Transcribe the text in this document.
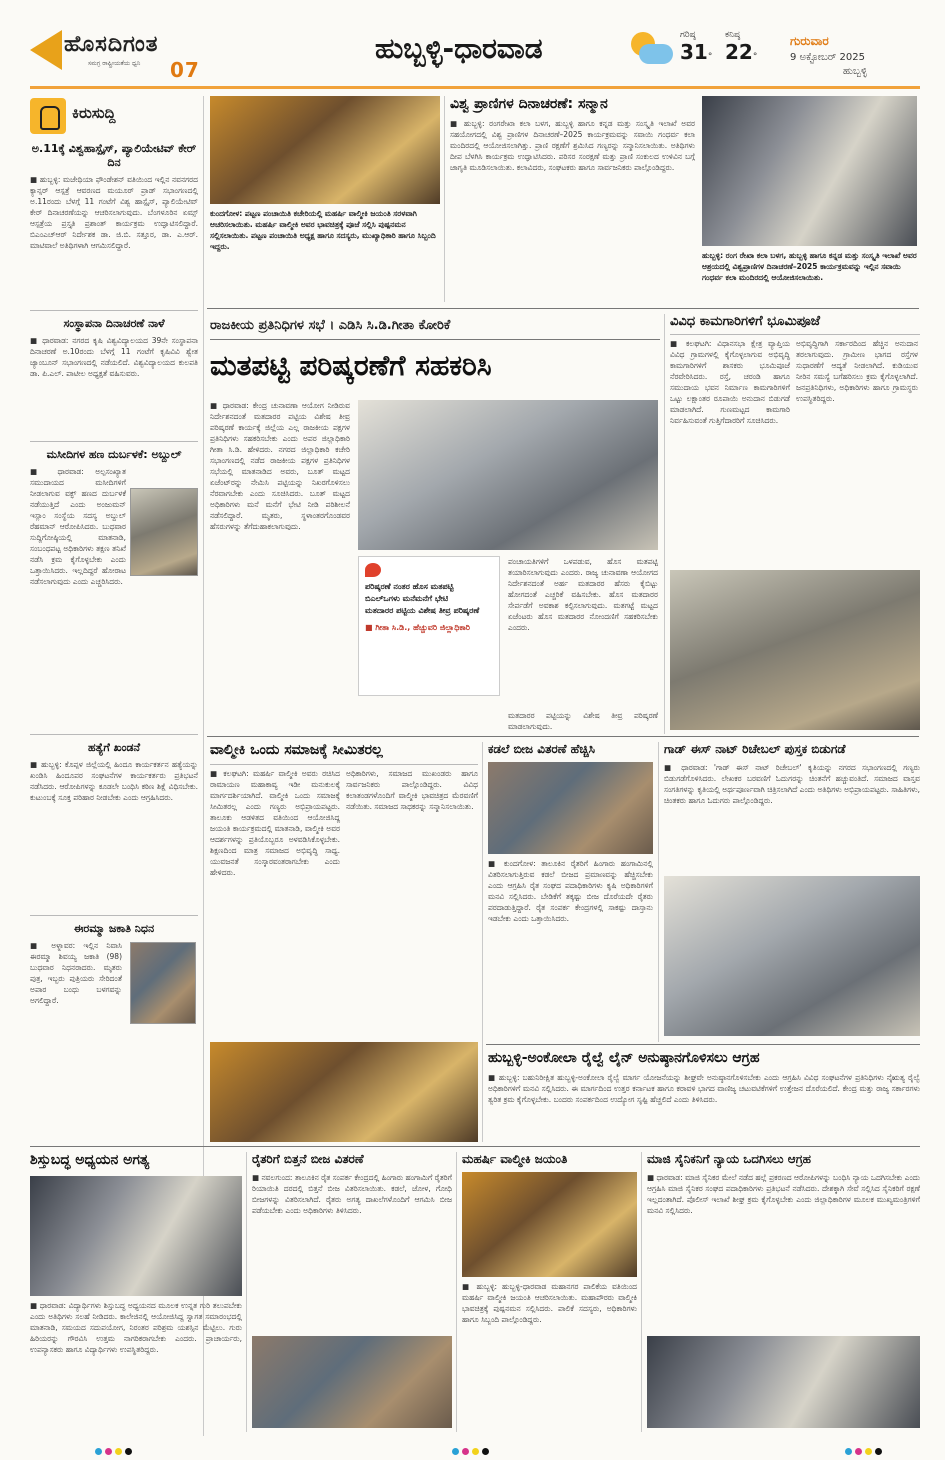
ಹೊಸದಿಗಂತ
ಸಮಗ್ರ ರಾಷ್ಟ್ರೀಯತೆಯ ಧ್ವನಿ 07
ಹುಬ್ಬಳ್ಳಿ-ಧಾರವಾಡ	ಗರಿಷ್ಠ
31°
ಕನಿಷ್ಠ
22°
ಗುರುವಾರ
9 ಅಕ್ಟೋಬರ್ 2025
ಹುಬ್ಬಳ್ಳಿ
ಕಿರುಸುದ್ದಿ
ಅ.11ಕ್ಕೆ ವಿಶ್ವಹಾಸ್ಪೈಸ್, ಪ್ಯಾಲಿಯೇಟಿವ್ ಕೇರ್ ದಿನ
■ ಹುಬ್ಬಳ್ಳಿ: ಮಜೇಥಿಯಾ ಫೌಂಡೇಶನ್ ವತಿಯಿಂದ ಇಲ್ಲಿನ ನವನಗರದ ಕ್ಯಾನ್ಸರ್ ಆಸ್ಪತ್ರೆ ಆವರಣದ ಮಯೂರ್ ಪ್ರಾಡ್ ಸಭಾಂಗಣದಲ್ಲಿ ಅ.11ರಂದು ಬೆಳಗ್ಗೆ 11 ಗಂಟೆಗೆ ವಿಶ್ವ ಹಾಸ್ಪೈಸ್, ಪ್ಯಾಲಿಯೇಟಿವ್ ಕೇರ್ ದಿನಾಚರಣೆಯನ್ನು ಆಚರಿಸಲಾಗುವುದು. ಬೆಂಗಳೂರಿನ ಏಮ್ಸ್ ಆಸ್ಪತ್ರೆಯ ಪ್ರಸ್ತೃತಿ ಪ್ರಶಾಂತ್ ಕಾರ್ಯಕ್ರಮ ಉದ್ಘಾಟಿಸಲಿದ್ದಾರೆ. ಬಿಎಂಎಚ್‌ಆರ್ ನಿರ್ದೇಶಕ ಡಾ. ಜಿ.ಬಿ. ಸತ್ತೂರ, ಡಾ. ಎ.ಆರ್. ಮಾಟಿವಾಲೆ ಅತಿಥಿಗಳಾಗಿ ಆಗಮಿಸಲಿದ್ದಾರೆ.
ಸಂಸ್ಥಾಪನಾ ದಿನಾಚರಣೆ ನಾಳೆ
■ ಧಾರವಾಡ: ನಗರದ ಕೃಷಿ ವಿಶ್ವವಿದ್ಯಾಲಯದ 39ನೇ ಸಂಸ್ಥಾಪನಾ ದಿನಾಚರಣೆ ಅ.10ರಂದು ಬೆಳಗ್ಗೆ 11 ಗಂಟೆಗೆ ಕೃಷಿವಿವಿ ಶ್ವೇತ ಜ್ಯಾಂಬೂನ್ ಸಭಾಂಗಣದಲ್ಲಿ ನಡೆಯಲಿದೆ. ವಿಶ್ವವಿದ್ಯಾಲಯದ ಕುಲಪತಿ ಡಾ. ಪಿ.ಎಲ್. ಪಾಟೀಲ ಅಧ್ಯಕ್ಷತೆ ವಹಿಸುವರು.
ಮಸೀದಿಗಳ ಹಣ ದುರ್ಬಳಕೆ: ಅಬ್ದುಲ್
■ ಧಾರವಾಡ: ಅಲ್ಪಸಂಖ್ಯಾತ ಸಮುದಾಯದ ಮಸೀದಿಗಳಿಗೆ ನೀಡಲಾಗುವ ವಕ್ಫ್ ಹಣದ ದುರ್ಬಳಕೆ ನಡೆಯುತ್ತಿದೆ ಎಂದು ಅಂಜುಮನ್ ಇಸ್ಲಾಂ ಸಂಸ್ಥೆಯ ಸದಸ್ಯ ಅಬ್ದುಲ್ ರೆಹಮಾನ್ ಆರೋಪಿಸಿದರು. ಬುಧವಾರ ಸುದ್ದಿಗೋಷ್ಠಿಯಲ್ಲಿ ಮಾತನಾಡಿ, ಸಂಬಂಧಪಟ್ಟ ಅಧಿಕಾರಿಗಳು ತಕ್ಷಣ ತನಿಖೆ ನಡೆಸಿ ಕ್ರಮ ಕೈಗೊಳ್ಳಬೇಕು ಎಂದು ಒತ್ತಾಯಿಸಿದರು. ಇಲ್ಲದಿದ್ದರೆ ಹೋರಾಟ ನಡೆಸಲಾಗುವುದು ಎಂದು ಎಚ್ಚರಿಸಿದರು.
ಹತ್ಯೆಗೆ ಖಂಡನೆ
■ ಹುಬ್ಬಳ್ಳಿ: ಕೊಪ್ಪಳ ಜಿಲ್ಲೆಯಲ್ಲಿ ಹಿಂದೂ ಕಾರ್ಯಕರ್ತನ ಹತ್ಯೆಯನ್ನು ಖಂಡಿಸಿ ಹಿಂದೂಪರ ಸಂಘಟನೆಗಳ ಕಾರ್ಯಕರ್ತರು ಪ್ರತಿಭಟನೆ ನಡೆಸಿದರು. ಆರೋಪಿಗಳನ್ನು ಕೂಡಲೇ ಬಂಧಿಸಿ ಕಠಿಣ ಶಿಕ್ಷೆ ವಿಧಿಸಬೇಕು. ಕುಟುಂಬಕ್ಕೆ ಸೂಕ್ತ ಪರಿಹಾರ ನೀಡಬೇಕು ಎಂದು ಆಗ್ರಹಿಸಿದರು.
ಈರಮ್ಮಾ ಜಕಾತಿ ನಿಧನ
■ ಅಳ್ನಾವರ: ಇಲ್ಲಿನ ನಿವಾಸಿ ಈರಮ್ಮಾ ಶಿವಯ್ಯ ಜಕಾತಿ (98) ಬುಧವಾರ ನಿಧನರಾದರು. ಮೃತರು ಪುತ್ರ, ಇಬ್ಬರು ಪುತ್ರಿಯರು ಸೇರಿದಂತೆ ಅಪಾರ ಬಂಧು ಬಳಗವನ್ನು ಅಗಲಿದ್ದಾರೆ.
ಕುಂದಗೋಳ: ಪಟ್ಟಣ ಪಂಚಾಯಿತಿ ಕಚೇರಿಯಲ್ಲಿ ಮಹರ್ಷಿ ವಾಲ್ಮೀಕಿ ಜಯಂತಿ ಸರಳವಾಗಿ ಆಚರಿಸಲಾಯಿತು. ಮಹರ್ಷಿ ವಾಲ್ಮೀಕಿ ಅವರ ಭಾವಚಿತ್ರಕ್ಕೆ ಪೂಜೆ ಸಲ್ಲಿಸಿ ಪುಷ್ಪನಮನ ಸಲ್ಲಿಸಲಾಯಿತು. ಪಟ್ಟಣ ಪಂಚಾಯಿತಿ ಅಧ್ಯಕ್ಷ ಹಾಗೂ ಸದಸ್ಯರು, ಮುಖ್ಯಾಧಿಕಾರಿ ಹಾಗೂ ಸಿಬ್ಬಂದಿ ಇದ್ದರು.
ವಿಶ್ವ ಪ್ರಾಣಿಗಳ ದಿನಾಚರಣೆ: ಸನ್ಮಾನ
■ ಹುಬ್ಬಳ್ಳಿ: ರಂಗರೇಖಾ ಕಲಾ ಬಳಗ, ಹುಬ್ಬಳ್ಳಿ ಹಾಗೂ ಕನ್ನಡ ಮತ್ತು ಸಂಸ್ಕೃತಿ ಇಲಾಖೆ ಅವರ ಸಹಯೋಗದಲ್ಲಿ ವಿಶ್ವ ಪ್ರಾಣಿಗಳ ದಿನಾಚರಣೆ–2025 ಕಾರ್ಯಕ್ರಮವನ್ನು ಸವಾಯಿ ಗಂಧರ್ವ ಕಲಾ ಮಂದಿರದಲ್ಲಿ ಆಯೋಜಿಸಲಾಗಿತ್ತು. ಪ್ರಾಣಿ ರಕ್ಷಣೆಗೆ ಶ್ರಮಿಸಿದ ಗಣ್ಯರನ್ನು ಸನ್ಮಾನಿಸಲಾಯಿತು. ಅತಿಥಿಗಳು ದೀಪ ಬೆಳಗಿಸಿ ಕಾರ್ಯಕ್ರಮ ಉದ್ಘಾಟಿಸಿದರು. ಪರಿಸರ ಸಂರಕ್ಷಣೆ ಮತ್ತು ಪ್ರಾಣಿ ಸಂಕುಲದ ಉಳಿವಿನ ಬಗ್ಗೆ ಜಾಗೃತಿ ಮೂಡಿಸಲಾಯಿತು. ಕಲಾವಿದರು, ಸಂಘಟಕರು ಹಾಗೂ ಸಾರ್ವಜನಿಕರು ಪಾಲ್ಗೊಂಡಿದ್ದರು.
ಹುಬ್ಬಳ್ಳಿ: ರಂಗ ರೇಖಾ ಕಲಾ ಬಳಗ, ಹುಬ್ಬಳ್ಳಿ ಹಾಗೂ ಕನ್ನಡ ಮತ್ತು ಸಂಸ್ಕೃತಿ ಇಲಾಖೆ ಅವರ ಆಶ್ರಯದಲ್ಲಿ ವಿಶ್ವಪ್ರಾಣಿಗಳ ದಿನಾಚರಣೆ–2025 ಕಾರ್ಯಕ್ರಮವನ್ನು ಇಲ್ಲಿನ ಸವಾಯಿ ಗಂಧರ್ವ ಕಲಾ ಮಂದಿರದಲ್ಲಿ ಆಯೋಜಿಸಲಾಯಿತು.
ರಾಜಕೀಯ ಪ್ರತಿನಿಧಿಗಳ ಸಭೆ । ಎಡಿಸಿ ಸಿ.ಡಿ.ಗೀತಾ ಕೋರಿಕೆ
ಮತಪಟ್ಟಿ ಪರಿಷ್ಕರಣೆಗೆ ಸಹಕರಿಸಿ
■ ಧಾರವಾಡ: ಕೇಂದ್ರ ಚುನಾವಣಾ ಆಯೋಗ ನೀಡಿರುವ ನಿರ್ದೇಶನದಂತೆ ಮತದಾರರ ಪಟ್ಟಿಯ ವಿಶೇಷ ತೀವ್ರ ಪರಿಷ್ಕರಣೆ ಕಾರ್ಯಕ್ಕೆ ಜಿಲ್ಲೆಯ ಎಲ್ಲ ರಾಜಕೀಯ ಪಕ್ಷಗಳ ಪ್ರತಿನಿಧಿಗಳು ಸಹಕರಿಸಬೇಕು ಎಂದು ಅಪರ ಜಿಲ್ಲಾಧಿಕಾರಿ ಗೀತಾ ಸಿ.ಡಿ. ಹೇಳಿದರು. ನಗರದ ಜಿಲ್ಲಾಧಿಕಾರಿ ಕಚೇರಿ ಸಭಾಂಗಣದಲ್ಲಿ ನಡೆದ ರಾಜಕೀಯ ಪಕ್ಷಗಳ ಪ್ರತಿನಿಧಿಗಳ ಸಭೆಯಲ್ಲಿ ಮಾತನಾಡಿದ ಅವರು, ಬೂತ್ ಮಟ್ಟದ ಏಜೆಂಟ್‌ರನ್ನು ನೇಮಿಸಿ ಪಟ್ಟಿಯನ್ನು ನಿಖರಗೊಳಿಸಲು ನೆರವಾಗಬೇಕು ಎಂದು ಸೂಚಿಸಿದರು. ಬೂತ್ ಮಟ್ಟದ ಅಧಿಕಾರಿಗಳು ಮನೆ ಮನೆಗೆ ಭೇಟಿ ನೀಡಿ ಪರಿಶೀಲನೆ ನಡೆಸಲಿದ್ದಾರೆ. ಮೃತರು, ಸ್ಥಳಾಂತರಗೊಂಡವರ ಹೆಸರುಗಳನ್ನು ತೆಗೆದುಹಾಕಲಾಗುವುದು.
ಪರಿಷ್ಕರಣೆ ನಂತರ ಹೊಸ ಮತಪಟ್ಟಿ
ಬಿಎಲ್‌ಒಗಳು ಮನೆಮನೆಗೆ ಭೇಟಿ
ಮತದಾರರ ಪಟ್ಟಿಯ ವಿಶೇಷ ತೀವ್ರ ಪರಿಷ್ಕರಣೆ
■ ಗೀತಾ ಸಿ.ಡಿ., ಹೆಚ್ಚುವರಿ ಜಿಲ್ಲಾಧಿಕಾರಿ
ಪಂಚಾಯತಿಗಳಿಗೆ ಒಳಪಡುವ, ಹೊಸ ಮತಪಟ್ಟಿ ತಯಾರಿಸಲಾಗುವುದು ಎಂದರು. ರಾಜ್ಯ ಚುನಾವಣಾ ಆಯೋಗದ ನಿರ್ದೇಶನದಂತೆ ಅರ್ಹ ಮತದಾರರ ಹೆಸರು ಕೈಬಿಟ್ಟು ಹೋಗದಂತೆ ಎಚ್ಚರಿಕೆ ವಹಿಸಬೇಕು. ಹೊಸ ಮತದಾರರ ಸೇರ್ಪಡೆಗೆ ಅವಕಾಶ ಕಲ್ಪಿಸಲಾಗುವುದು. ಮತಗಟ್ಟೆ ಮಟ್ಟದ ಏಜೆಂಟರು ಹೊಸ ಮತದಾರರ ನೋಂದಣಿಗೆ ಸಹಕರಿಸಬೇಕು ಎಂದರು.
ಮತದಾರರ ಪಟ್ಟಿಯನ್ನು ವಿಶೇಷ ತೀವ್ರ ಪರಿಷ್ಕರಣೆ ಮಾಡಲಾಗುವುದು.
ವಿವಿಧ ಕಾಮಗಾರಿಗಳಿಗೆ ಭೂಮಿಪೂಜೆ
■ ಕಲಘಟಗಿ: ವಿಧಾನಸಭಾ ಕ್ಷೇತ್ರ ವ್ಯಾಪ್ತಿಯ ವಿವಿಧ ಗ್ರಾಮಗಳಲ್ಲಿ ಕೈಗೊಳ್ಳಲಾಗುವ ಅಭಿವೃದ್ಧಿ ಕಾಮಗಾರಿಗಳಿಗೆ ಶಾಸಕರು ಭೂಮಿಪೂಜೆ ನೆರವೇರಿಸಿದರು. ರಸ್ತೆ, ಚರಂಡಿ ಹಾಗೂ ಸಮುದಾಯ ಭವನ ನಿರ್ಮಾಣ ಕಾಮಗಾರಿಗಳಿಗೆ ಒಟ್ಟು ಲಕ್ಷಾಂತರ ರೂಪಾಯಿ ಅನುದಾನ ಬಿಡುಗಡೆ ಮಾಡಲಾಗಿದೆ. ಗುಣಮಟ್ಟದ ಕಾಮಗಾರಿ ನಿರ್ವಹಿಸುವಂತೆ ಗುತ್ತಿಗೆದಾರರಿಗೆ ಸೂಚಿಸಿದರು.
ಅಭಿವೃದ್ಧಿಗಾಗಿ ಸರ್ಕಾರದಿಂದ ಹೆಚ್ಚಿನ ಅನುದಾನ ತರಲಾಗುವುದು. ಗ್ರಾಮೀಣ ಭಾಗದ ರಸ್ತೆಗಳ ಸುಧಾರಣೆಗೆ ಆದ್ಯತೆ ನೀಡಲಾಗಿದೆ. ಕುಡಿಯುವ ನೀರಿನ ಸಮಸ್ಯೆ ಬಗೆಹರಿಸಲು ಕ್ರಮ ಕೈಗೊಳ್ಳಲಾಗಿದೆ. ಜನಪ್ರತಿನಿಧಿಗಳು, ಅಧಿಕಾರಿಗಳು ಹಾಗೂ ಗ್ರಾಮಸ್ಥರು ಉಪಸ್ಥಿತರಿದ್ದರು.
ವಾಲ್ಮೀಕಿ ಒಂದು ಸಮಾಜಕ್ಕೆ ಸೀಮಿತರಲ್ಲ
■ ಕಲಘಟಗಿ: ಮಹರ್ಷಿ ವಾಲ್ಮೀಕಿ ಅವರು ರಚಿಸಿದ ರಾಮಾಯಣ ಮಹಾಕಾವ್ಯ ಇಡೀ ಮನುಕುಲಕ್ಕೆ ಮಾರ್ಗದರ್ಶಿಯಾಗಿದೆ. ವಾಲ್ಮೀಕಿ ಒಂದು ಸಮಾಜಕ್ಕೆ ಸೀಮಿತರಲ್ಲ ಎಂದು ಗಣ್ಯರು ಅಭಿಪ್ರಾಯಪಟ್ಟರು. ತಾಲೂಕು ಆಡಳಿತದ ವತಿಯಿಂದ ಆಯೋಜಿಸಿದ್ದ ಜಯಂತಿ ಕಾರ್ಯಕ್ರಮದಲ್ಲಿ ಮಾತನಾಡಿ, ವಾಲ್ಮೀಕಿ ಅವರ ಆದರ್ಶಗಳನ್ನು ಪ್ರತಿಯೊಬ್ಬರೂ ಅಳವಡಿಸಿಕೊಳ್ಳಬೇಕು. ಶಿಕ್ಷಣದಿಂದ ಮಾತ್ರ ಸಮಾಜದ ಅಭಿವೃದ್ಧಿ ಸಾಧ್ಯ. ಯುವಜನತೆ ಸಂಸ್ಕಾರವಂತರಾಗಬೇಕು ಎಂದು ಹೇಳಿದರು.
ಅಧಿಕಾರಿಗಳು, ಸಮಾಜದ ಮುಖಂಡರು ಹಾಗೂ ಸಾರ್ವಜನಿಕರು ಪಾಲ್ಗೊಂಡಿದ್ದರು. ವಿವಿಧ ಕಲಾತಂಡಗಳೊಂದಿಗೆ ವಾಲ್ಮೀಕಿ ಭಾವಚಿತ್ರದ ಮೆರವಣಿಗೆ ನಡೆಯಿತು. ಸಮಾಜದ ಸಾಧಕರನ್ನು ಸನ್ಮಾನಿಸಲಾಯಿತು.
ಕಡಲೆ ಬೀಜ ವಿತರಣೆ ಹೆಚ್ಚಿಸಿ
■ ಕುಂದಗೋಳ: ತಾಲೂಕಿನ ರೈತರಿಗೆ ಹಿಂಗಾರು ಹಂಗಾಮಿನಲ್ಲಿ ವಿತರಿಸಲಾಗುತ್ತಿರುವ ಕಡಲೆ ಬೀಜದ ಪ್ರಮಾಣವನ್ನು ಹೆಚ್ಚಿಸಬೇಕು ಎಂದು ಆಗ್ರಹಿಸಿ ರೈತ ಸಂಘದ ಪದಾಧಿಕಾರಿಗಳು ಕೃಷಿ ಅಧಿಕಾರಿಗಳಿಗೆ ಮನವಿ ಸಲ್ಲಿಸಿದರು. ಬೇಡಿಕೆಗೆ ತಕ್ಕಷ್ಟು ಬೀಜ ದೊರೆಯದೇ ರೈತರು ಪರದಾಡುತ್ತಿದ್ದಾರೆ. ರೈತ ಸಂಪರ್ಕ ಕೇಂದ್ರಗಳಲ್ಲಿ ಸಾಕಷ್ಟು ದಾಸ್ತಾನು ಇಡಬೇಕು ಎಂದು ಒತ್ತಾಯಿಸಿದರು.
ಗಾಡ್ ಈಸ್ ನಾಟ್ ರಿಚೇಬಲ್ ಪುಸ್ತಕ ಬಿಡುಗಡೆ
■ ಧಾರವಾಡ: 'ಗಾಡ್ ಈಸ್ ನಾಟ್ ರಿಚೇಬಲ್' ಕೃತಿಯನ್ನು ನಗರದ ಸಭಾಂಗಣದಲ್ಲಿ ಗಣ್ಯರು ಬಿಡುಗಡೆಗೊಳಿಸಿದರು. ಲೇಖಕರ ಬರವಣಿಗೆ ಓದುಗರನ್ನು ಚಿಂತನೆಗೆ ಹಚ್ಚುವಂತಿದೆ. ಸಮಾಜದ ವಾಸ್ತವ ಸಂಗತಿಗಳನ್ನು ಕೃತಿಯಲ್ಲಿ ಅರ್ಥಪೂರ್ಣವಾಗಿ ಚಿತ್ರಿಸಲಾಗಿದೆ ಎಂದು ಅತಿಥಿಗಳು ಅಭಿಪ್ರಾಯಪಟ್ಟರು. ಸಾಹಿತಿಗಳು, ಚಿಂತಕರು ಹಾಗೂ ಓದುಗರು ಪಾಲ್ಗೊಂಡಿದ್ದರು.
ಹುಬ್ಬಳ್ಳಿ-ಅಂಕೋಲಾ ರೈಲ್ವೆ ಲೈನ್ ಅನುಷ್ಠಾನಗೊಳಿಸಲು ಆಗ್ರಹ
■ ಹುಬ್ಬಳ್ಳಿ: ಬಹುನಿರೀಕ್ಷಿತ ಹುಬ್ಬಳ್ಳಿ-ಅಂಕೋಲಾ ರೈಲ್ವೆ ಮಾರ್ಗ ಯೋಜನೆಯನ್ನು ಶೀಘ್ರವೇ ಅನುಷ್ಠಾನಗೊಳಿಸಬೇಕು ಎಂದು ಆಗ್ರಹಿಸಿ ವಿವಿಧ ಸಂಘಟನೆಗಳ ಪ್ರತಿನಿಧಿಗಳು ನೈಋತ್ಯ ರೈಲ್ವೆ ಅಧಿಕಾರಿಗಳಿಗೆ ಮನವಿ ಸಲ್ಲಿಸಿದರು. ಈ ಮಾರ್ಗದಿಂದ ಉತ್ತರ ಕರ್ನಾಟಕ ಹಾಗೂ ಕರಾವಳಿ ಭಾಗದ ವಾಣಿಜ್ಯ ಚಟುವಟಿಕೆಗಳಿಗೆ ಉತ್ತೇಜನ ದೊರೆಯಲಿದೆ. ಕೇಂದ್ರ ಮತ್ತು ರಾಜ್ಯ ಸರ್ಕಾರಗಳು ತ್ವರಿತ ಕ್ರಮ ಕೈಗೊಳ್ಳಬೇಕು. ಬಂದರು ಸಂಪರ್ಕದಿಂದ ಉದ್ಯೋಗ ಸೃಷ್ಟಿ ಹೆಚ್ಚಲಿದೆ ಎಂದು ತಿಳಿಸಿದರು.
ಶಿಸ್ತುಬದ್ಧ ಅಧ್ಯಯನ ಅಗತ್ಯ
■ ಧಾರವಾಡ: ವಿದ್ಯಾರ್ಥಿಗಳು ಶಿಸ್ತುಬದ್ಧ ಅಧ್ಯಯನದ ಮೂಲಕ ಉನ್ನತ ಗುರಿ ತಲುಪಬೇಕು ಎಂದು ಅತಿಥಿಗಳು ಸಲಹೆ ನೀಡಿದರು. ಕಾಲೇಜಿನಲ್ಲಿ ಆಯೋಜಿಸಿದ್ದ ಸ್ವಾಗತ ಸಮಾರಂಭದಲ್ಲಿ ಮಾತನಾಡಿ, ಸಮಯದ ಸದುಪಯೋಗ, ನಿರಂತರ ಪರಿಶ್ರಮ ಯಶಸ್ಸಿನ ಮೆಟ್ಟಿಲು. ಗುರು ಹಿರಿಯರನ್ನು ಗೌರವಿಸಿ ಉತ್ತಮ ನಾಗರಿಕರಾಗಬೇಕು ಎಂದರು. ಪ್ರಾಚಾರ್ಯರು, ಉಪನ್ಯಾಸಕರು ಹಾಗೂ ವಿದ್ಯಾರ್ಥಿಗಳು ಉಪಸ್ಥಿತರಿದ್ದರು.
ರೈತರಿಗೆ ಬಿತ್ತನೆ ಬೀಜ ವಿತರಣೆ
■ ನವಲಗುಂದ: ತಾಲೂಕಿನ ರೈತ ಸಂಪರ್ಕ ಕೇಂದ್ರದಲ್ಲಿ ಹಿಂಗಾರು ಹಂಗಾಮಿಗೆ ರೈತರಿಗೆ ರಿಯಾಯಿತಿ ದರದಲ್ಲಿ ಬಿತ್ತನೆ ಬೀಜ ವಿತರಿಸಲಾಯಿತು. ಕಡಲೆ, ಜೋಳ, ಗೋಧಿ ಬೀಜಗಳನ್ನು ವಿತರಿಸಲಾಗಿದೆ. ರೈತರು ಅಗತ್ಯ ದಾಖಲೆಗಳೊಂದಿಗೆ ಆಗಮಿಸಿ ಬೀಜ ಪಡೆಯಬೇಕು ಎಂದು ಅಧಿಕಾರಿಗಳು ತಿಳಿಸಿದರು.
ಮಹರ್ಷಿ ವಾಲ್ಮೀಕಿ ಜಯಂತಿ
■ ಹುಬ್ಬಳ್ಳಿ: ಹುಬ್ಬಳ್ಳಿ-ಧಾರವಾಡ ಮಹಾನಗರ ಪಾಲಿಕೆಯ ವತಿಯಿಂದ ಮಹರ್ಷಿ ವಾಲ್ಮೀಕಿ ಜಯಂತಿ ಆಚರಿಸಲಾಯಿತು. ಮಹಾಪೌರರು ವಾಲ್ಮೀಕಿ ಭಾವಚಿತ್ರಕ್ಕೆ ಪುಷ್ಪನಮನ ಸಲ್ಲಿಸಿದರು. ಪಾಲಿಕೆ ಸದಸ್ಯರು, ಅಧಿಕಾರಿಗಳು ಹಾಗೂ ಸಿಬ್ಬಂದಿ ಪಾಲ್ಗೊಂಡಿದ್ದರು.
ಮಾಜಿ ಸೈನಿಕನಿಗೆ ನ್ಯಾಯ ಒದಗಿಸಲು ಆಗ್ರಹ
■ ಧಾರವಾಡ: ಮಾಜಿ ಸೈನಿಕರ ಮೇಲೆ ನಡೆದ ಹಲ್ಲೆ ಪ್ರಕರಣದ ಆರೋಪಿಗಳನ್ನು ಬಂಧಿಸಿ ನ್ಯಾಯ ಒದಗಿಸಬೇಕು ಎಂದು ಆಗ್ರಹಿಸಿ ಮಾಜಿ ಸೈನಿಕರ ಸಂಘದ ಪದಾಧಿಕಾರಿಗಳು ಪ್ರತಿಭಟನೆ ನಡೆಸಿದರು. ದೇಶಕ್ಕಾಗಿ ಸೇವೆ ಸಲ್ಲಿಸಿದ ಸೈನಿಕರಿಗೆ ರಕ್ಷಣೆ ಇಲ್ಲದಂತಾಗಿದೆ. ಪೊಲೀಸ್ ಇಲಾಖೆ ಶೀಘ್ರ ಕ್ರಮ ಕೈಗೊಳ್ಳಬೇಕು ಎಂದು ಜಿಲ್ಲಾಧಿಕಾರಿಗಳ ಮೂಲಕ ಮುಖ್ಯಮಂತ್ರಿಗಳಿಗೆ ಮನವಿ ಸಲ್ಲಿಸಿದರು.
